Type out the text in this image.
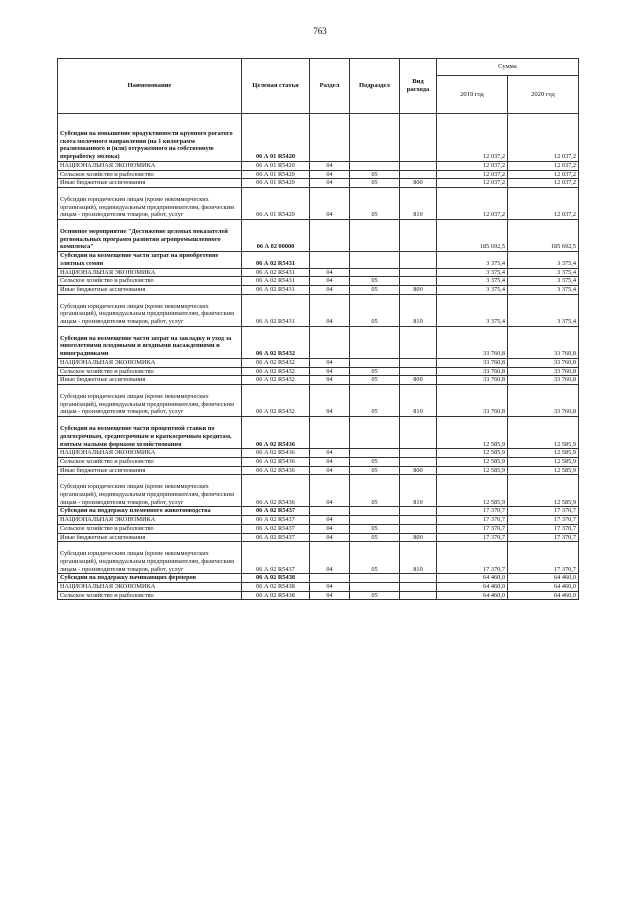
763
Наименование	Целевая статья	Раздел	Подраздел	Вид расхода	Сумма	
					2019 год	2020 год
Субсидии на повышение продуктивности крупного рогатого скота молочного направления (на 1 килограмм реализованного и (или) отгруженного на собственную переработку молока)	06 А 01 R5420				12 037,2	12 037,2
НАЦИОНАЛЬНАЯ ЭКОНОМИКА	06 А 01 R5420	04			12 037,2	12 037,2
Сельское хозяйство и рыболовство	06 А 01 R5420	04	05		12 037,2	12 037,2
Иные бюджетные ассигнования	06 А 01 R5420	04	05	800	12 037,2	12 037,2
Субсидии юридическим лицам (кроме некоммерческих организаций), индивидуальным предпринимателям, физическим лицам - производителям товаров, работ, услуг	06 А 01 R5420	04	05	810	12 037,2	12 037,2
Основное мероприятие "Достижение целевых показателей региональных программ развития агропромышленного комплекса"	06 А 02 00000				185 692,5	185 692,5
Субсидии на возмещение части затрат на приобретение элитных семян	06 А 02 R5431				3 375,4	3 375,4
НАЦИОНАЛЬНАЯ ЭКОНОМИКА	06 А 02 R5431	04			3 375,4	3 375,4
Сельское хозяйство и рыболовство	06 А 02 R5431	04	05		3 375,4	3 375,4
Иные бюджетные ассигнования	06 А 02 R5431	04	05	800	3 375,4	3 375,4
Субсидии юридическим лицам (кроме некоммерческих организаций), индивидуальным предпринимателям, физическим лицам - производителям товаров, работ, услуг	06 А 02 R5431	04	05	810	3 375,4	3 375,4
Субсидии на возмещение части затрат на закладку и уход за многолетними плодовыми и ягодными насаждениями и виноградниками	06 А 02 R5432				33 760,8	33 760,8
НАЦИОНАЛЬНАЯ ЭКОНОМИКА	06 А 02 R5432	04			33 760,8	33 760,8
Сельское хозяйство и рыболовство	06 А 02 R5432	04	05		33 760,8	33 760,8
Иные бюджетные ассигнования	06 А 02 R5432	04	05	800	33 760,8	33 760,8
Субсидии юридическим лицам (кроме некоммерческих организаций), индивидуальным предпринимателям, физическим лицам - производителям товаров, работ, услуг	06 А 02 R5432	04	05	810	33 760,8	33 760,8
Субсидии на возмещение части процентной ставки по долгосрочным, среднесрочным и краткосрочным кредитам, взятым малыми формами хозяйствования	06 А 02 R5436				12 585,9	12 585,9
НАЦИОНАЛЬНАЯ ЭКОНОМИКА	06 А 02 R5436	04			12 585,9	12 585,9
Сельское хозяйство и рыболовство	06 А 02 R5436	04	05		12 585,9	12 585,9
Иные бюджетные ассигнования	06 А 02 R5436	04	05	800	12 585,9	12 585,9
Субсидии юридическим лицам (кроме некоммерческих организаций), индивидуальным предпринимателям, физическим лицам - производителям товаров, работ, услуг	06 А 02 R5436	04	05	810	12 585,9	12 585,9
Субсидии на поддержку племенного животноводства	06 А 02 R5437				17 370,7	17 370,7
НАЦИОНАЛЬНАЯ ЭКОНОМИКА	06 А 02 R5437	04			17 370,7	17 370,7
Сельское хозяйство и рыболовство	06 А 02 R5437	04	05		17 370,7	17 370,7
Иные бюджетные ассигнования	06 А 02 R5437	04	05	800	17 370,7	17 370,7
Субсидии юридическим лицам (кроме некоммерческих организаций), индивидуальным предпринимателям, физическим лицам - производителям товаров, работ, услуг	06 А 02 R5437	04	05	810	17 370,7	17 370,7
Субсидии на поддержку начинающих фермеров	06 А 02 R5438				64 460,0	64 460,0
НАЦИОНАЛЬНАЯ ЭКОНОМИКА	06 А 02 R5438	04			64 460,0	64 460,0
Сельское хозяйство и рыболовство	06 А 02 R5438	04	05		64 460,0	64 460,0
